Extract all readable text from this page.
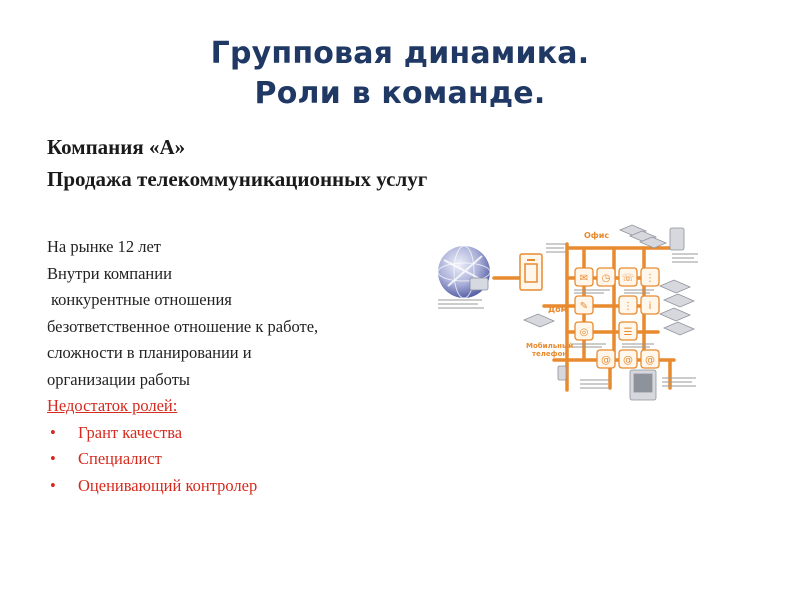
Групповая динамика.
Роли в команде.
Компания «А»
Продажа телекоммуникационных услуг
На рынке 12 лет
Внутри компании
конкурентные отношения
безответственное отношение к работе,
сложности в планировании и
организации работы
Недостаток ролей:
• Грант качества
• Специалист
• Оценивающий контролер
✉ ◷ ☏ ⋮
✎	⋮ i
◎	☰
@ @ @
Офис
Дом
Мобильный
телефон
